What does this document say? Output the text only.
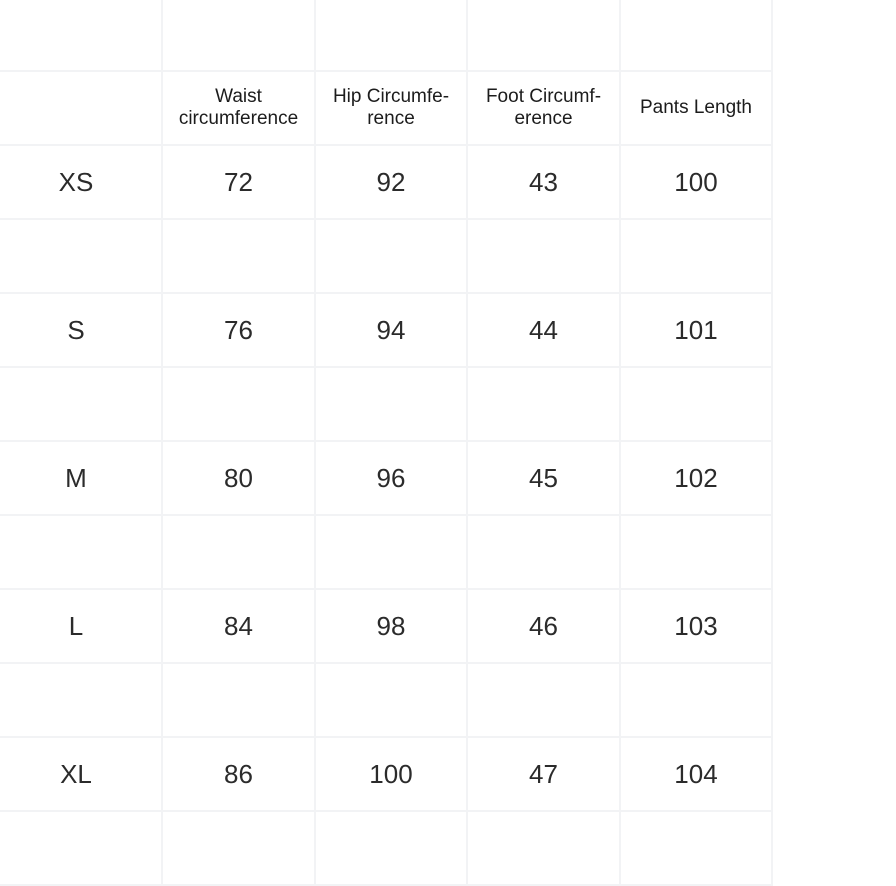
	Waist circumference	Hip Circumfe-rence	Foot Circumf-erence	Pants Length

XS	72	92	43	100

S	76	94	44	101

M	80	96	45	102

L	84	98	46	103

XL	86	100	47	104
